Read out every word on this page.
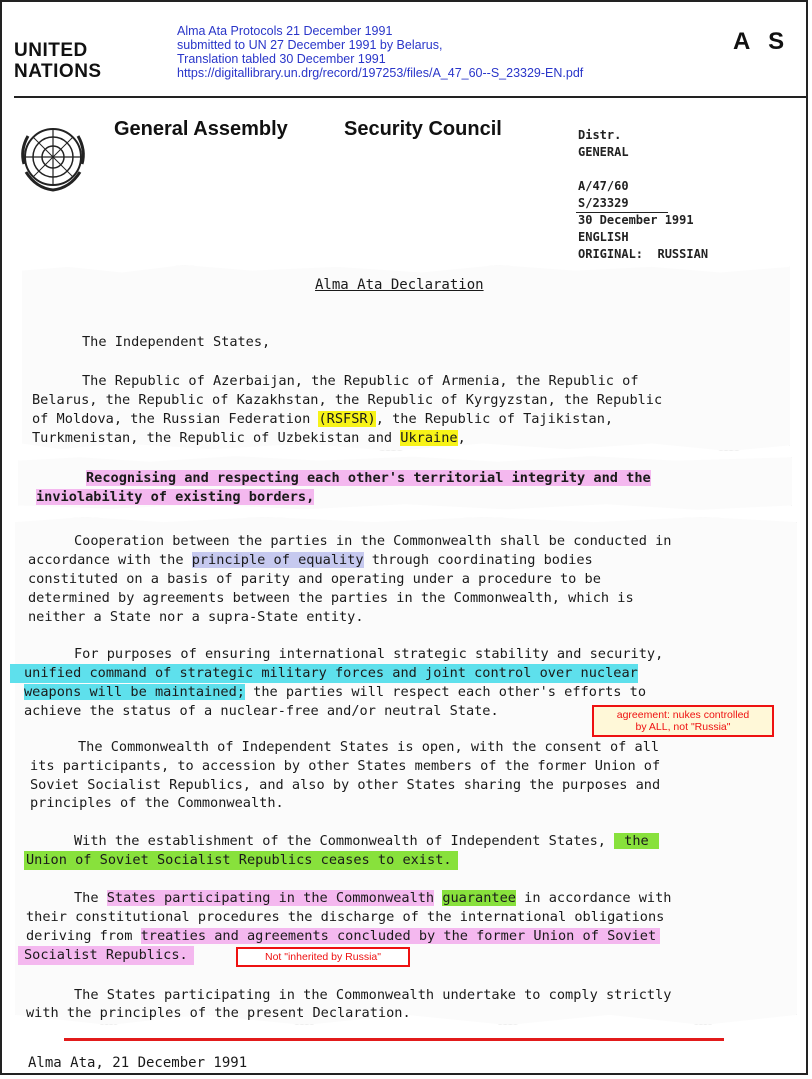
UNITED
NATIONS
A S
Alma Ata Protocols 21 December 1991
submitted to UN 27 December 1991 by Belarus,
Translation tabled 30 December 1991
https://digitallibrary.un.drg/record/197253/files/A_47_60--S_23329-EN.pdf
General Assembly	Security Council	Distr.
GENERAL
A/47/60
S/23329
30 December 1991
ENGLISH
ORIGINAL:  RUSSIAN
Alma Ata Declaration
The Independent States,
The Republic of Azerbaijan, the Republic of Armenia, the Republic of
Belarus, the Republic of Kazakhstan, the Republic of Kyrgyzstan, the Republic
of Moldova, the Russian Federation (RSFSR), the Republic of Tajikistan,
Turkmenistan, the Republic of Uzbekistan and Ukraine,
Recognising and respecting each other's territorial integrity and the
inviolability of existing borders,
Cooperation between the parties in the Commonwealth shall be conducted in
accordance with the principle of equality through coordinating bodies
constituted on a basis of parity and operating under a procedure to be
determined by agreements between the parties in the Commonwealth, which is
neither a State nor a supra-State entity.
For purposes of ensuring international strategic stability and security,
unified command of strategic military forces and joint control over nuclear
weapons will be maintained; the parties will respect each other's efforts to
achieve the status of a nuclear-free and/or neutral State.	agreement: nukes controlled
by ALL, not "Russia"
The Commonwealth of Independent States is open, with the consent of all
its participants, to accession by other States members of the former Union of
Soviet Socialist Republics, and also by other States sharing the purposes and
principles of the Commonwealth.
With the establishment of the Commonwealth of Independent States, the
Union of Soviet Socialist Republics ceases to exist.
The States participating in the Commonwealth guarantee in accordance with
their constitutional procedures the discharge of the international obligations
deriving from treaties and agreements concluded by the former Union of Soviet
Socialist Republics.	Not "inherited by Russia"
The States participating in the Commonwealth undertake to comply strictly
with the principles of the present Declaration.
Alma Ata, 21 December 1991
